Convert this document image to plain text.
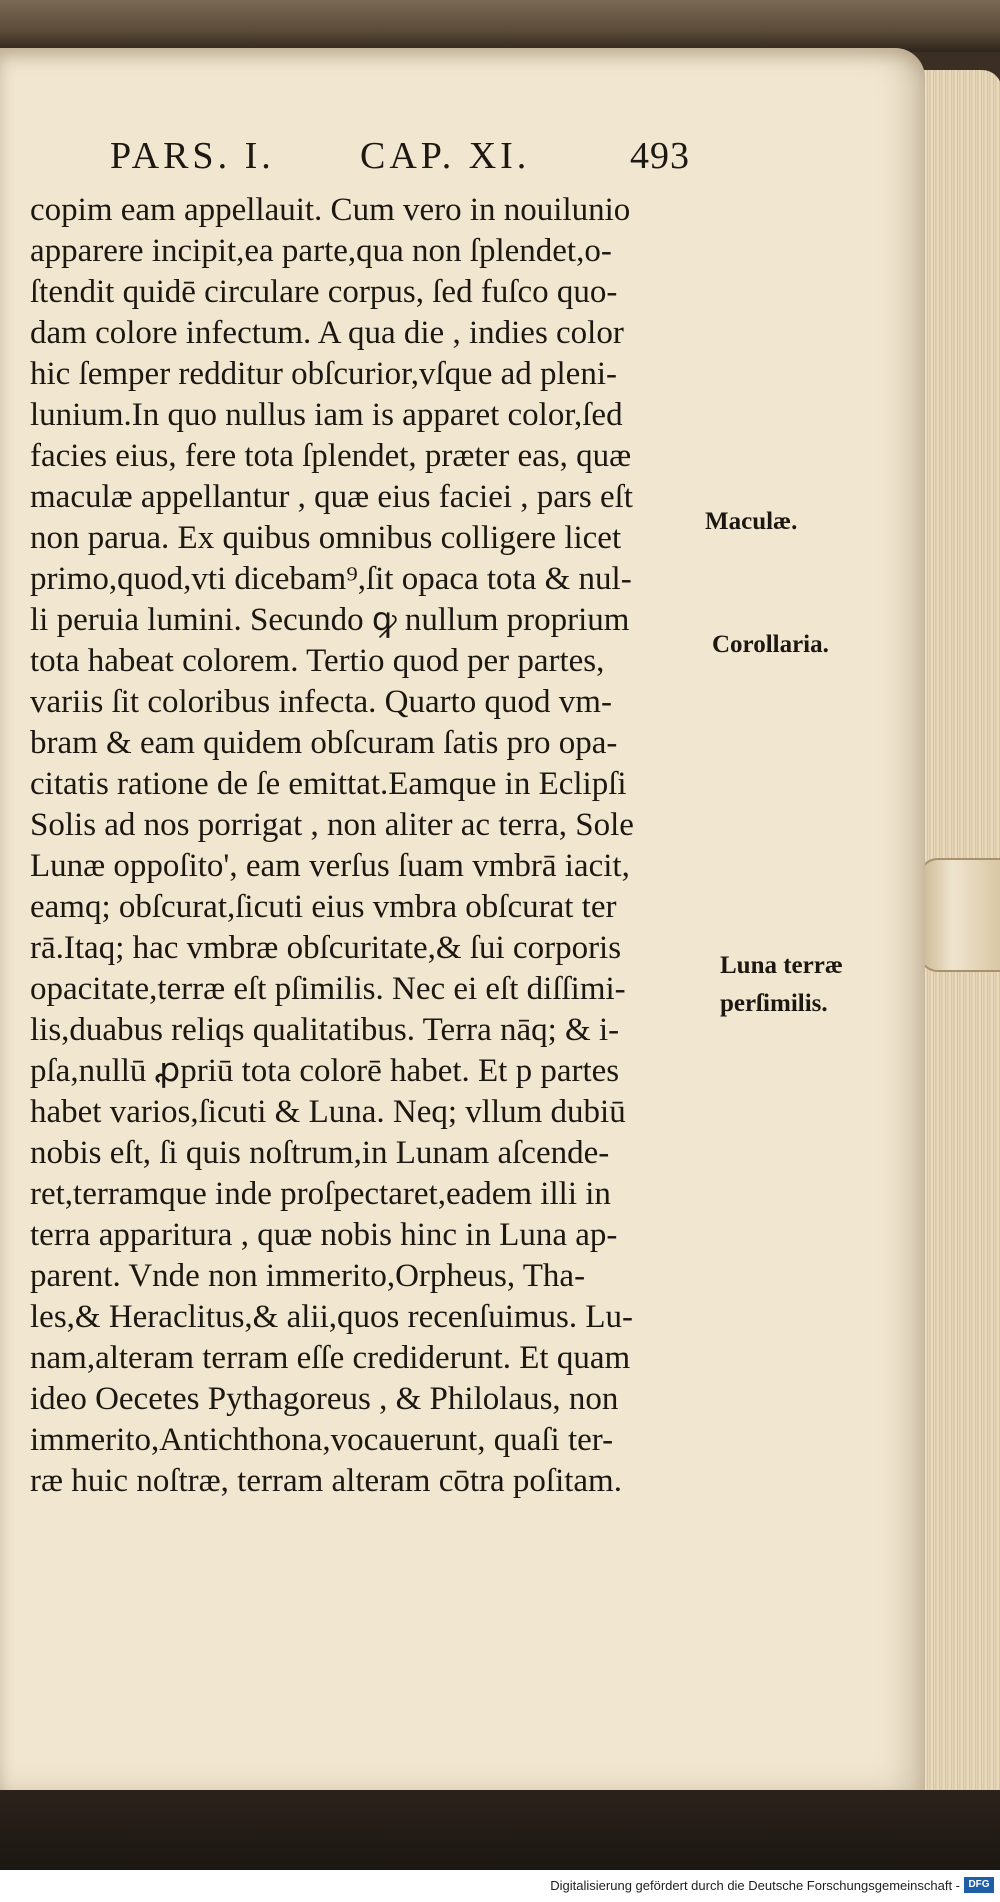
PARS. I. CAP. XI.	493
copim eam appellauit. Cum vero in nouilunio
apparere incipit,ea parte,qua non ſplendet,o-
ſtendit quidē circulare corpus, ſed fuſco quo-
dam colore infectum. A qua die , indies color
hic ſemper redditur obſcurior,vſque ad pleni-
lunium.In quo nullus iam is apparet color,ſed
facies eius, fere tota ſplendet, præter eas, quæ
maculæ appellantur , quæ eius faciei , pars eſt
non parua. Ex quibus omnibus colligere licet
primo,quod,vti dicebam⁹,ſit opaca tota & nul-
li peruia lumini. Secundo ꝙ nullum proprium
tota habeat colorem. Tertio quod per partes,
variis ſit coloribus infecta. Quarto quod vm-
bram & eam quidem obſcuram ſatis pro opa-
citatis ratione de ſe emittat.Eamque in Eclipſi
Solis ad nos porrigat , non aliter ac terra, Sole
Lunæ oppoſito', eam verſus ſuam vmbrā iacit,
eamq; obſcurat,ſicuti eius vmbra obſcurat ter
rā.Itaq; hac vmbræ obſcuritate,& ſui corporis
opacitate,terræ eſt pſimilis. Nec ei eſt diſſimi-
lis,duabus reliqs qualitatibus. Terra nāq; & i-
pſa,nullū ꝓpriū tota colorē habet. Et p partes
habet varios,ſicuti & Luna. Neq; vllum dubiū
nobis eſt, ſi quis noſtrum,in Lunam aſcende-
ret,terramque inde proſpectaret,eadem illi in
terra apparitura , quæ nobis hinc in Luna ap-
parent. Vnde non immerito,Orpheus, Tha-
les,& Heraclitus,& alii,quos recenſuimus. Lu-
nam,alteram terram eſſe crediderunt. Et quam
ideo Oecetes Pythagoreus , & Philolaus, non
immerito,Antichthona,vocauerunt, quaſi ter-
ræ huic noſtræ, terram alteram cōtra poſitam.
Maculæ.
Corollaria.
Luna terræ
perſimilis.
Digitalisierung gefördert durch die Deutsche Forschungsgemeinschaft - DFG
